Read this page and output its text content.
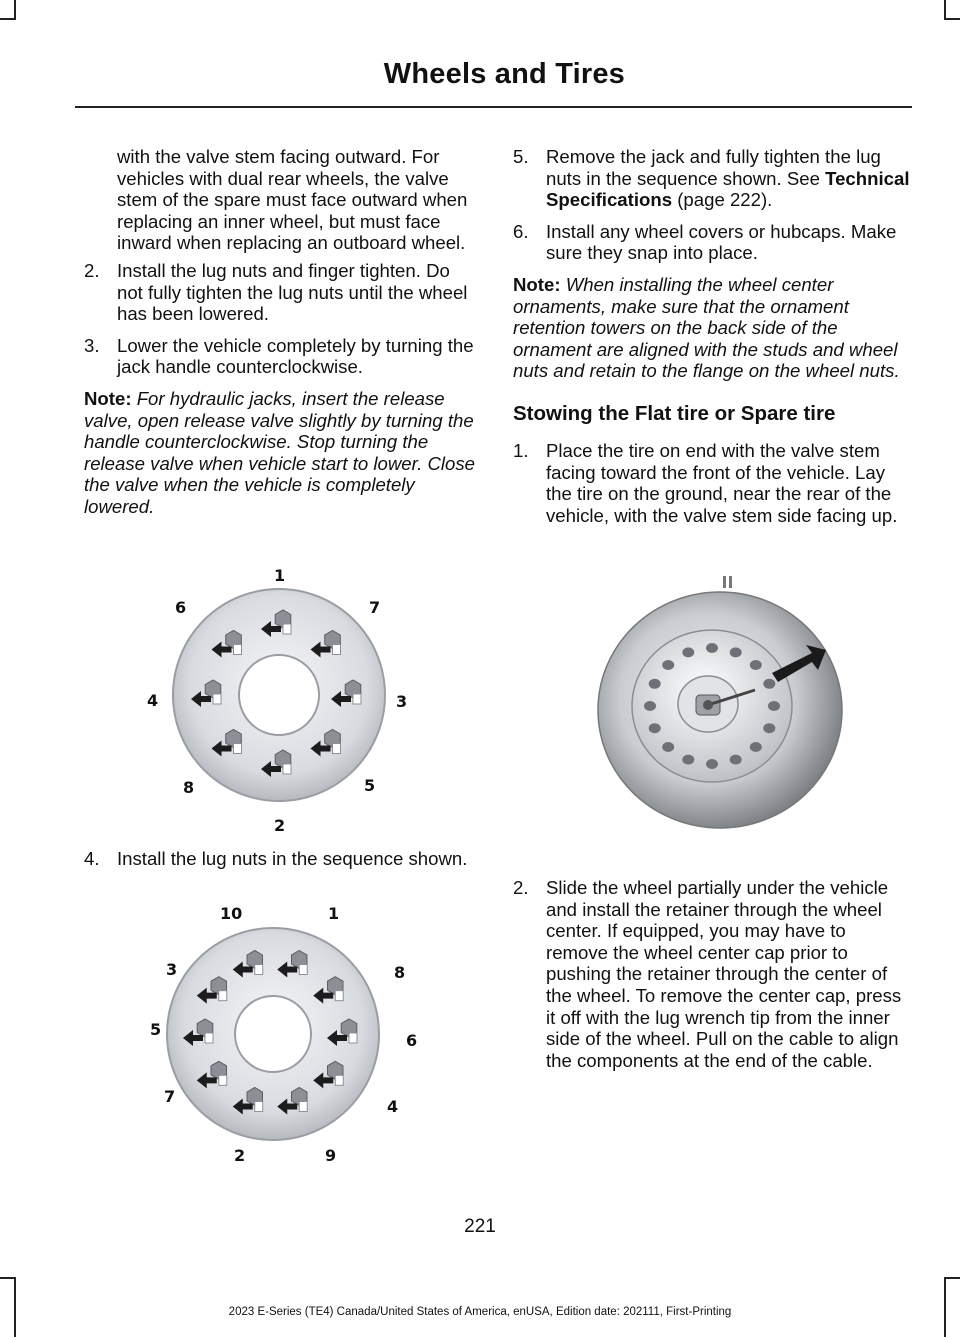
Wheels and Tires

with the valve stem facing outward. For vehicles with dual rear wheels, the valve stem of the spare must face outward when replacing an inner wheel, but must face inward when replacing an outboard wheel.

2. Install the lug nuts and finger tighten. Do not fully tighten the lug nuts until the wheel has been lowered.
3. Lower the vehicle completely by turning the jack handle counterclockwise.

Note: For hydraulic jacks, insert the release valve, open release valve slightly by turning the handle counterclockwise. Stop turning the release valve when vehicle start to lower. Close the valve when the vehicle is completely lowered.

4. Install the lug nuts in the sequence shown.
1
7
3
5
2
8
4
6
1
8
6
4
9
2
7
5
3
10
5. Remove the jack and fully tighten the lug nuts in the sequence shown. See Technical Specifications (page 222).
6. Install any wheel covers or hubcaps. Make sure they snap into place.

Note: When installing the wheel center ornaments, make sure that the ornament retention towers on the back side of the ornament are aligned with the studs and wheel nuts and retain to the flange on the wheel nuts.

Stowing the Flat tire or Spare tire
1. Place the tire on end with the valve stem facing toward the front of the vehicle. Lay the tire on the ground, near the rear of the vehicle, with the valve stem side facing up.
2. Slide the wheel partially under the vehicle and install the retainer through the wheel center. If equipped, you may have to remove the wheel center cap prior to pushing the retainer through the center of the wheel. To remove the center cap, press it off with the lug wrench tip from the inner side of the wheel. Pull on the cable to align the components at the end of the cable.
221
2023 E-Series (TE4) Canada/United States of America, enUSA, Edition date: 202111, First-Printing
